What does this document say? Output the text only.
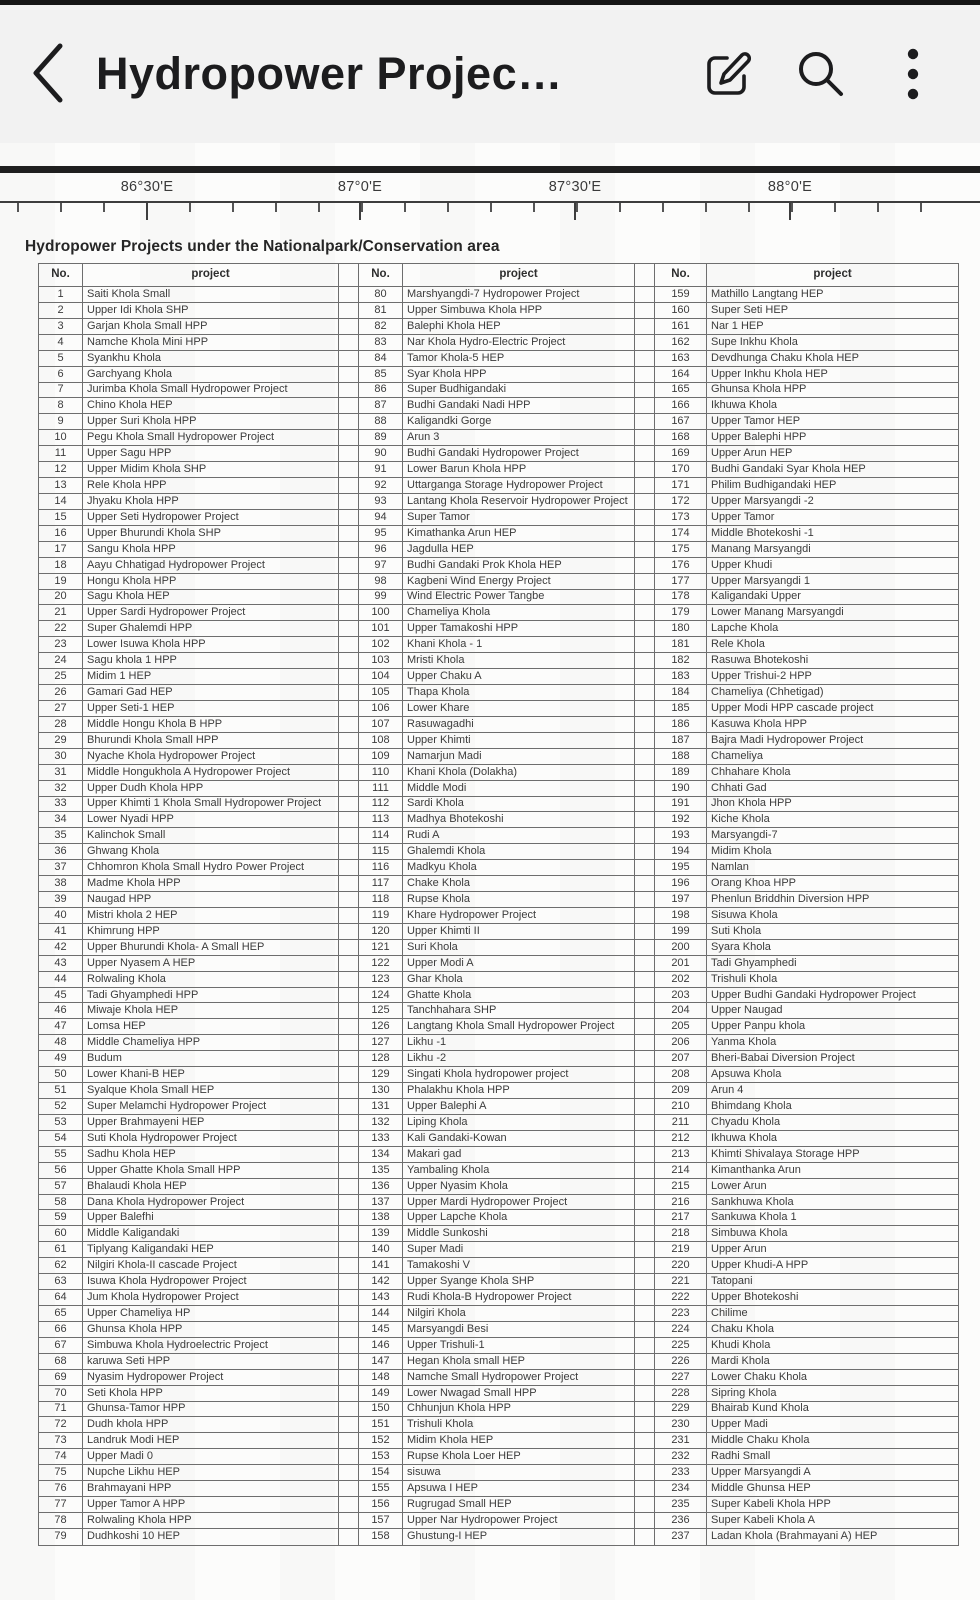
Hydropower Projec…
86°30'E	87°0'E	87°30'E	88°0'E
Hydropower Projects under the Nationalpark/Conservation area
No.	project		No.	project		No.	project
1	Saiti Khola Small		80	Marshyangdi-7 Hydropower Project		159	Mathillo Langtang HEP
2	Upper Idi Khola SHP		81	Upper Simbuwa Khola HPP		160	Super Seti HEP
3	Garjan Khola Small HPP		82	Balephi Khola HEP		161	Nar 1 HEP
4	Namche Khola Mini HPP		83	Nar Khola Hydro-Electric Project		162	Supe Inkhu Khola
5	Syankhu Khola		84	Tamor Khola-5 HEP		163	Devdhunga Chaku Khola HEP
6	Garchyang Khola		85	Syar Khola HPP		164	Upper Inkhu Khola HEP
7	Jurimba Khola Small Hydropower Project		86	Super Budhigandaki		165	Ghunsa Khola HPP
8	Chino Khola HEP		87	Budhi Gandaki Nadi HPP		166	Ikhuwa Khola
9	Upper Suri Khola HPP		88	Kaligandki Gorge		167	Upper Tamor HEP
10	Pegu Khola Small Hydropower Project		89	Arun 3		168	Upper Balephi HPP
11	Upper Sagu HPP		90	Budhi Gandaki Hydropower Project		169	Upper Arun HEP
12	Upper Midim Khola SHP		91	Lower Barun Khola HPP		170	Budhi Gandaki Syar Khola HEP
13	Rele Khola HPP		92	Uttarganga Storage Hydropower Project		171	Philim Budhigandaki HEP
14	Jhyaku Khola HPP		93	Lantang Khola Reservoir Hydropower Project		172	Upper Marsyangdi -2
15	Upper Seti Hydropower Project		94	Super Tamor		173	Upper Tamor
16	Upper Bhurundi Khola SHP		95	Kimathanka Arun HEP		174	Middle Bhotekoshi -1
17	Sangu Khola HPP		96	Jagdulla HEP		175	Manang Marsyangdi
18	Aayu Chhatigad Hydropower Project		97	Budhi Gandaki Prok Khola HEP		176	Upper Khudi
19	Hongu Khola HPP		98	Kagbeni Wind Energy Project		177	Upper Marsyangdi 1
20	Sagu Khola HEP		99	Wind Electric Power Tangbe		178	Kaligandaki Upper
21	Upper Sardi Hydropower Project		100	Chameliya Khola		179	Lower Manang Marsyangdi
22	Super Ghalemdi HPP		101	Upper Tamakoshi HPP		180	Lapche Khola
23	Lower Isuwa Khola HPP		102	Khani Khola - 1		181	Rele Khola
24	Sagu khola 1 HPP		103	Mristi Khola		182	Rasuwa Bhotekoshi
25	Midim 1 HEP		104	Upper Chaku A		183	Upper Trishui-2 HPP
26	Gamari Gad HEP		105	Thapa Khola		184	Chameliya (Chhetigad)
27	Upper Seti-1 HEP		106	Lower Khare		185	Upper Modi HPP cascade project
28	Middle Hongu Khola B HPP		107	Rasuwagadhi		186	Kasuwa Khola HPP
29	Bhurundi Khola Small HPP		108	Upper Khimti		187	Bajra Madi Hydropower Project
30	Nyache Khola Hydropower Project		109	Namarjun Madi		188	Chameliya
31	Middle Hongukhola A Hydropower Project		110	Khani Khola (Dolakha)		189	Chhahare Khola
32	Upper Dudh Khola HPP		111	Middle Modi		190	Chhati Gad
33	Upper Khimti 1 Khola Small Hydropower Project		112	Sardi Khola		191	Jhon Khola HPP
34	Lower Nyadi HPP		113	Madhya Bhotekoshi		192	Kiche Khola
35	Kalinchok Small		114	Rudi A		193	Marsyangdi-7
36	Ghwang Khola		115	Ghalemdi Khola		194	Midim Khola
37	Chhomron Khola Small Hydro Power Project		116	Madkyu Khola		195	Namlan
38	Madme Khola HPP		117	Chake Khola		196	Orang Khoa HPP
39	Naugad HPP		118	Rupse Khola		197	Phenlun Briddhin Diversion HPP
40	Mistri khola 2 HEP		119	Khare Hydropower Project		198	Sisuwa Khola
41	Khimrung HPP		120	Upper Khimti II		199	Suti Khola
42	Upper Bhurundi Khola- A Small HEP		121	Suri Khola		200	Syara Khola
43	Upper Nyasem A HEP		122	Upper Modi A		201	Tadi Ghyamphedi
44	Rolwaling Khola		123	Ghar Khola		202	Trishuli Khola
45	Tadi Ghyamphedi HPP		124	Ghatte Khola		203	Upper Budhi Gandaki Hydropower Project
46	Miwaje Khola HEP		125	Tanchhahara SHP		204	Upper Naugad
47	Lomsa HEP		126	Langtang Khola Small Hydropower Project		205	Upper Panpu khola
48	Middle Chameliya HPP		127	Likhu -1		206	Yanma Khola
49	Budum		128	Likhu -2		207	Bheri-Babai Diversion Project
50	Lower Khani-B HEP		129	Singati Khola hydropower project		208	Apsuwa Khola
51	Syalque Khola Small HEP		130	Phalakhu Khola HPP		209	Arun 4
52	Super Melamchi Hydropower Project		131	Upper Balephi A		210	Bhimdang Khola
53	Upper Brahmayeni HEP		132	Liping Khola		211	Chyadu Khola
54	Suti Khola Hydropower Project		133	Kali Gandaki-Kowan		212	Ikhuwa Khola
55	Sadhu Khola HEP		134	Makari gad		213	Khimti Shivalaya Storage HPP
56	Upper Ghatte Khola Small HPP		135	Yambaling Khola		214	Kimanthanka Arun
57	Bhalaudi Khola HEP		136	Upper Nyasim Khola		215	Lower Arun
58	Dana Khola Hydropower Project		137	Upper Mardi Hydropower Project		216	Sankhuwa Khola
59	Upper Balefhi		138	Upper Lapche Khola		217	Sankuwa Khola 1
60	Middle Kaligandaki		139	Middle Sunkoshi		218	Simbuwa Khola
61	Tiplyang Kaligandaki HEP		140	Super Madi		219	Upper Arun
62	Nilgiri Khola-II cascade Project		141	Tamakoshi V		220	Upper Khudi-A HPP
63	Isuwa Khola Hydropower Project		142	Upper Syange Khola SHP		221	Tatopani
64	Jum Khola Hydropower Project		143	Rudi Khola-B Hydropower Project		222	Upper Bhotekoshi
65	Upper Chameliya HP		144	Nilgiri Khola		223	Chilime
66	Ghunsa Khola HPP		145	Marsyangdi Besi		224	Chaku Khola
67	Simbuwa Khola Hydroelectric Project		146	Upper Trishuli-1		225	Khudi Khola
68	karuwa Seti HPP		147	Hegan Khola small HEP		226	Mardi Khola
69	Nyasim Hydropower Project		148	Namche Small Hydropower Project		227	Lower Chaku Khola
70	Seti Khola HPP		149	Lower Nwagad Small HPP		228	Sipring Khola
71	Ghunsa-Tamor HPP		150	Chhunjun Khola HPP		229	Bhairab Kund Khola
72	Dudh khola HPP		151	Trishuli Khola		230	Upper Madi
73	Landruk Modi HEP		152	Midim Khola HEP		231	Middle Chaku Khola
74	Upper Madi 0		153	Rupse Khola Loer HEP		232	Radhi Small
75	Nupche Likhu HEP		154	sisuwa		233	Upper Marsyangdi A
76	Brahmayani HPP		155	Apsuwa I HEP		234	Middle Ghunsa HEP
77	Upper Tamor A HPP		156	Rugrugad Small HEP		235	Super Kabeli Khola HPP
78	Rolwaling Khola HPP		157	Upper Nar Hydropower Project		236	Super Kabeli Khola A
79	Dudhkoshi 10 HEP		158	Ghustung-I HEP		237	Ladan Khola (Brahmayani A) HEP
